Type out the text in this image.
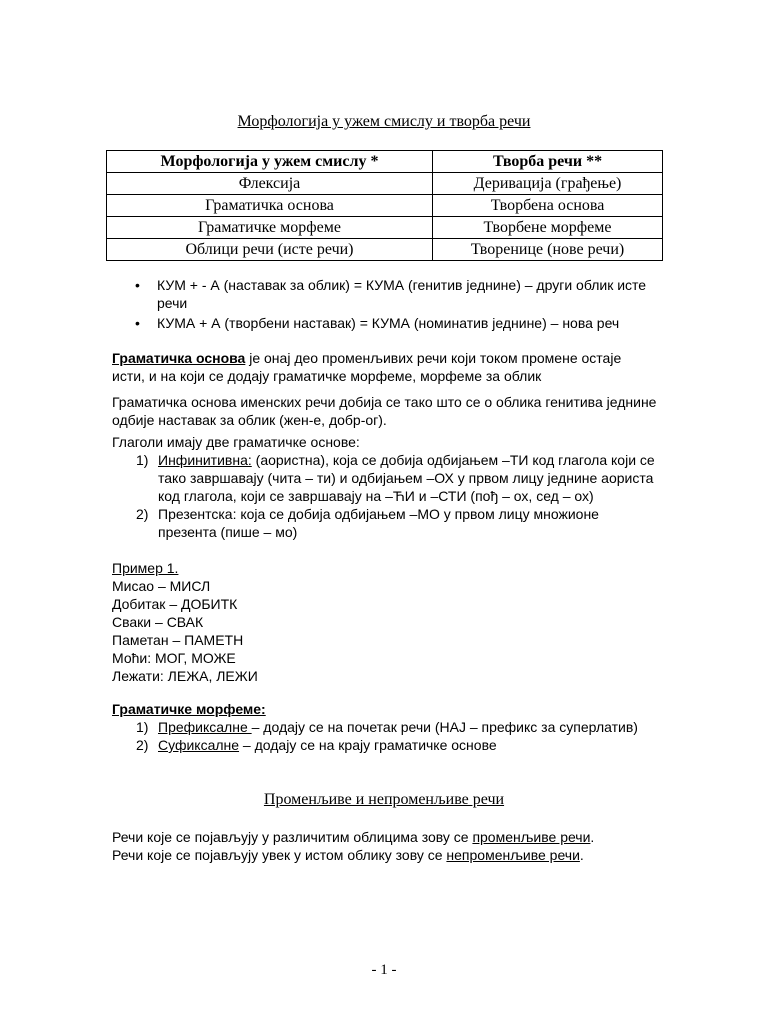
Морфологија у ужем смислу и творба речи
Морфологија у ужем смислу *	Творба речи **
Флексија	Деривација (грађење)
Граматичка основа	Творбена основа
Граматичке морфеме	Творбене морфеме
Облици речи (исте речи)	Творенице (нове речи)
• КУМ + - А (наставак за облик) = КУМА (генитив једнине) – други облик исте речи
• КУМА + А (творбени наставак) = КУМА (номинатив једнине) – нова реч
Граматичка основа је онај део променљивих речи који током промене остаје исти, и на који се додају граматичке морфеме, морфеме за облик
Граматичка основа именских речи добија се тако што се о облика генитива једнине одбије наставак за облик (жен-е, добр-ог).
Глаголи имају две граматичке основе:
1) Инфинитивна: (аористна), која се добија одбијањем –ТИ код глагола који се тако завршавају (чита – ти) и одбијањем –ОХ у првом лицу једнине аориста код глагола, који се завршавају на –ЋИ и –СТИ (пођ – ох, сед – ох)
2) Презентска: која се добија одбијањем –МО у првом лицу множионе презента (пише – мо)
Пример 1.
Мисао – МИСЛ
Добитак – ДОБИТК
Сваки – СВАК
Паметан – ПАМЕТН
Моћи: МОГ, МОЖЕ
Лежати: ЛЕЖА, ЛЕЖИ
Граматичке морфеме:
1) Префиксалне – додају се на почетак речи (НАЈ – префикс за суперлатив)
2) Суфиксалне – додају се на крају граматичке основе
Променљиве и непроменљиве речи
Речи које се појављују у различитим облицима зову се променљиве речи.
Речи које се појављују увек у истом облику зову се непроменљиве речи.
- 1 -
